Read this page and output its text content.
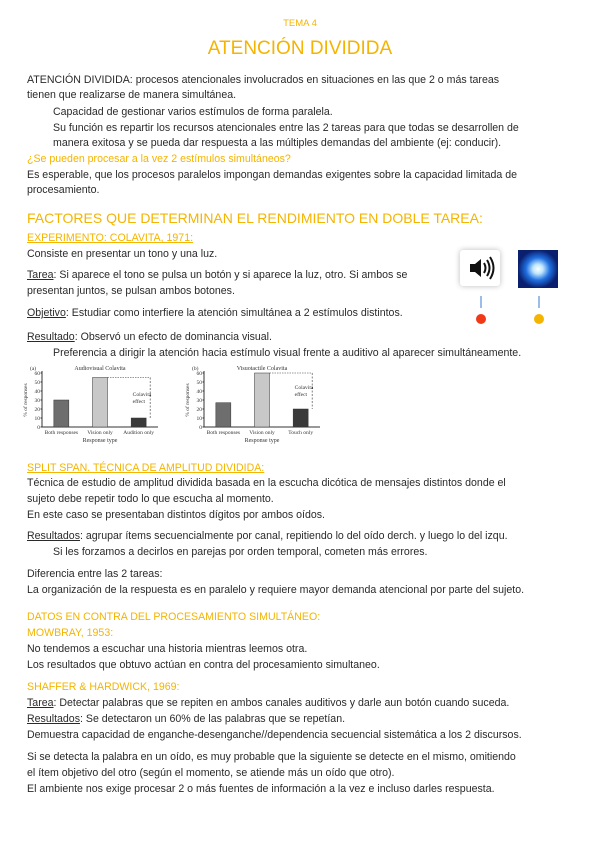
TEMA 4
ATENCIÓN DIVIDIDA
ATENCIÓN DIVIDIDA: procesos atencionales involucrados en situaciones en las que 2 o más tareas
tienen que realizarse de manera simultánea.
Capacidad de gestionar varios estímulos de forma paralela.
Su función es repartir los recursos atencionales entre las 2 tareas para que todas se desarrollen de
manera exitosa y se pueda dar respuesta a las múltiples demandas del ambiente (ej: conducir).
¿Se pueden procesar a la vez 2 estímulos simultáneos?
Es esperable, que los procesos paralelos impongan demandas exigentes sobre la capacidad limitada de
procesamiento.
FACTORES QUE DETERMINAN EL RENDIMIENTO EN DOBLE TAREA:
EXPERIMENTO: COLAVITA, 1971:
Consiste en presentar un tono y una luz.
Tarea: Si aparece el tono se pulsa un botón y si aparece la luz, otro. Si ambos se
presentan juntos, se pulsan ambos botones.
Objetivo: Estudiar como interfiere la atención simultánea a 2 estímulos distintos.
Resultado: Observó un efecto de dominancia visual.
Preferencia a dirigir la atención hacia estímulo visual frente a auditivo al aparecer simultáneamente.
(a)	Audiovisual Colavita
0
10
20
30
40
50
60
% of responses
Both responses Vision only Audition only
Response type
Colavita
effect
(b)	Visuotactile Colavita
0
10
20
30
40
50
60
% of responses
Both responses Vision only Touch only
Response type
Colavita
effect
SPLIT SPAN. TÉCNICA DE AMPLITUD DIVIDIDA:
Técnica de estudio de amplitud dividida basada en la escucha dicótica de mensajes distintos donde el
sujeto debe repetir todo lo que escucha al momento.
En este caso se presentaban distintos dígitos por ambos oídos.
Resultados: agrupar ítems secuencialmente por canal, repitiendo lo del oído derch. y luego lo del izqu.
Si les forzamos a decirlos en parejas por orden temporal, cometen más errores.
Diferencia entre las 2 tareas:
La organización de la respuesta es en paralelo y requiere mayor demanda atencional por parte del sujeto.
DATOS EN CONTRA DEL PROCESAMIENTO SIMULTÁNEO:
MOWBRAY, 1953:
No tendemos a escuchar una historia mientras leemos otra.
Los resultados que obtuvo actúan en contra del procesamiento simultaneo.
SHAFFER & HARDWICK, 1969:
Tarea: Detectar palabras que se repiten en ambos canales auditivos y darle aun botón cuando suceda.
Resultados: Se detectaron un 60% de las palabras que se repetían.
Demuestra capacidad de enganche-desenganche//dependencia secuencial sistemática a los 2 discursos.
Si se detecta la palabra en un oído, es muy probable que la siguiente se detecte en el mismo, omitiendo
el ítem objetivo del otro (según el momento, se atiende más un oído que otro).
El ambiente nos exige procesar 2 o más fuentes de información a la vez e incluso darles respuesta.
